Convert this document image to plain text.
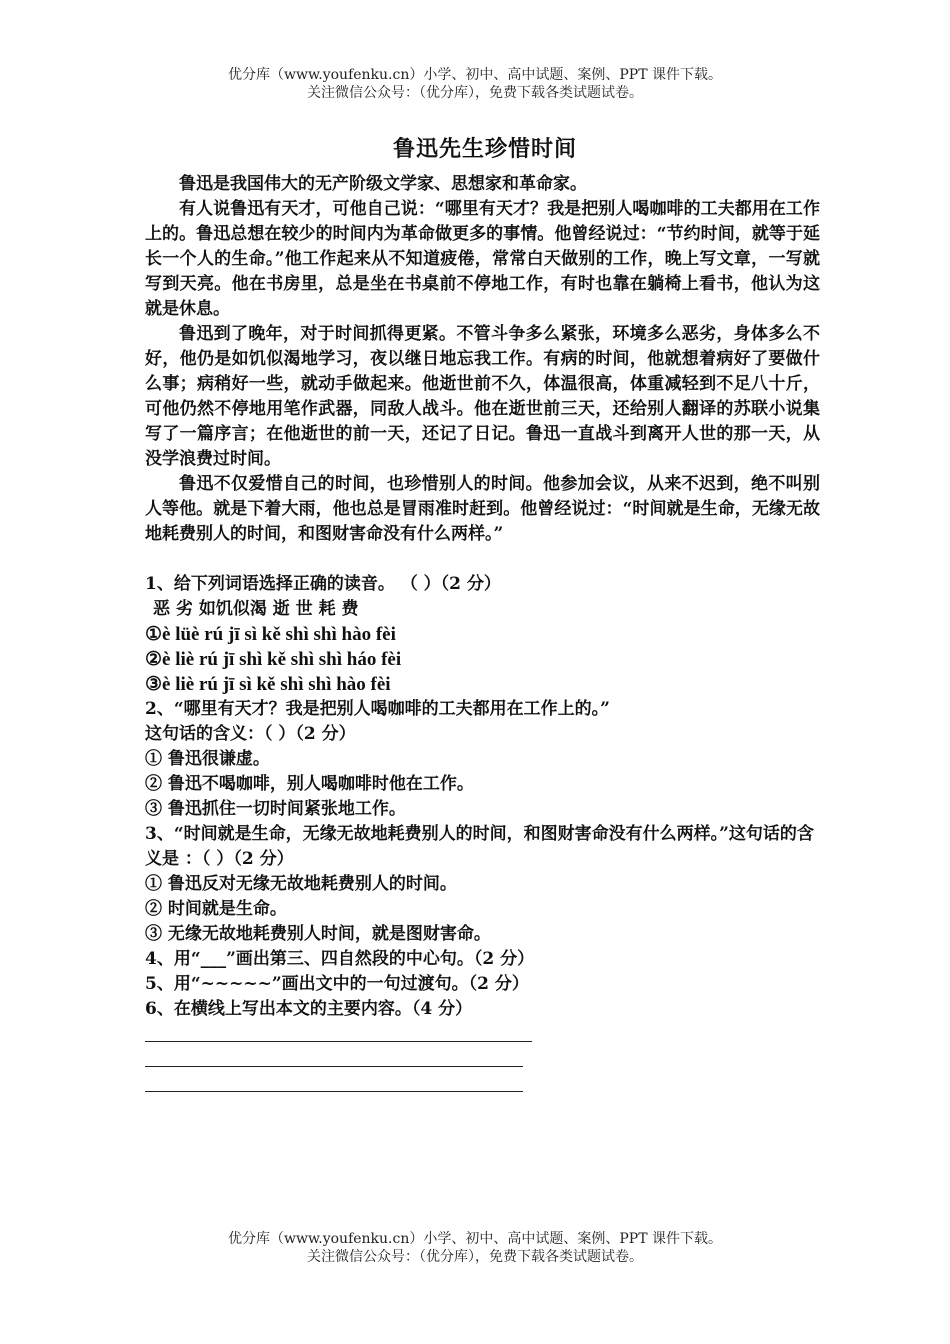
优分库（www.youfenku.cn）小学、初中、高中试题、案例、PPT 课件下载。
关注微信公众号：（优分库），免费下载各类试题试卷。
鲁迅先生珍惜时间

鲁迅是我国伟大的无产阶级文学家、思想家和革命家。

有人说鲁迅有天才，可他自己说：“哪里有天才？我是把别人喝咖啡的工夫都用在工作上的。鲁迅总想在较少的时间内为革命做更多的事情。他曾经说过：“节约时间，就等于延长一个人的生命。”他工作起来从不知道疲倦，常常白天做别的工作，晚上写文章，一写就写到天亮。他在书房里，总是坐在书桌前不停地工作，有时也靠在躺椅上看书，他认为这就是休息。

鲁迅到了晚年，对于时间抓得更紧。不管斗争多么紧张，环境多么恶劣，身体多么不好，他仍是如饥似渴地学习，夜以继日地忘我工作。有病的时间，他就想着病好了要做什么事；病稍好一些，就动手做起来。他逝世前不久，体温很高，体重减轻到不足八十斤，可他仍然不停地用笔作武器，同敌人战斗。他在逝世前三天，还给别人翻译的苏联小说集写了一篇序言；在他逝世的前一天，还记了日记。鲁迅一直战斗到离开人世的那一天，从没学浪费过时间。

鲁迅不仅爱惜自己的时间，也珍惜别人的时间。他参加会议，从来不迟到，绝不叫别人等他。就是下着大雨，他也总是冒雨准时赶到。他曾经说过：“时间就是生命，无缘无故地耗费别人的时间，和图财害命没有什么两样。”

1、给下列词语选择正确的读音。 （ ）（2 分）
恶 劣 如饥似渴 逝 世 耗 费
①è lüè rú jī sì kě shì shì hào fèi
②è liè rú jī shì kě shì shì háo fèi
③è liè rú jī sì kě shì shì hào fèi
2、“哪里有天才？我是把别人喝咖啡的工夫都用在工作上的。”
这句话的含义：（ ）（2 分）
① 鲁迅很谦虚。
② 鲁迅不喝咖啡，别人喝咖啡时他在工作。
③ 鲁迅抓住一切时间紧张地工作。
3、“时间就是生命，无缘无故地耗费别人的时间，和图财害命没有什么两样。”这句话的含义是 ：（ ）（2 分）
① 鲁迅反对无缘无故地耗费别人的时间。
② 时间就是生命。
③ 无缘无故地耗费别人时间，就是图财害命。
4、用“___”画出第三、四自然段的中心句。（2 分）
5、用“~~~~~”画出文中的一句过渡句。（2 分）
6、在横线上写出本文的主要内容。（4 分）
优分库（www.youfenku.cn）小学、初中、高中试题、案例、PPT 课件下载。
关注微信公众号：（优分库），免费下载各类试题试卷。
